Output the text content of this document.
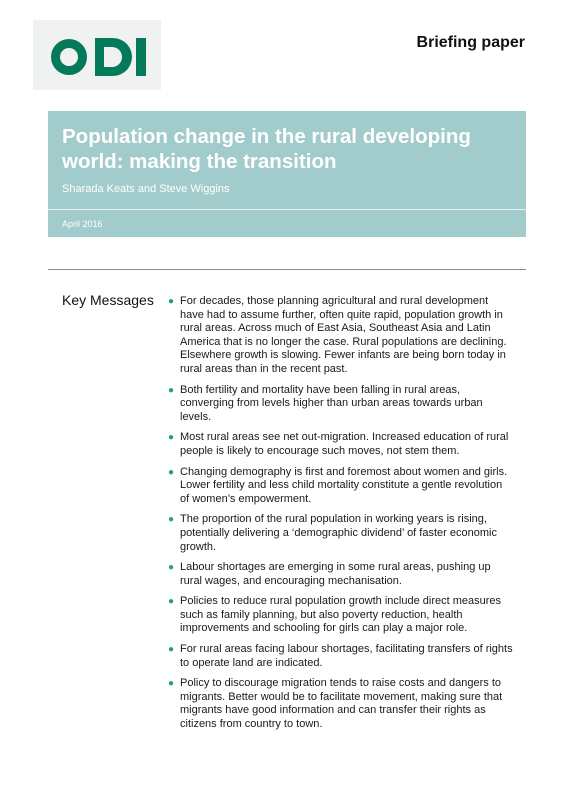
Briefing paper
Population change in the rural developing world: making the transition
Sharada Keats and Steve Wiggins
April 2016
Key Messages ● For decades, those planning agricultural and rural development have had to assume further, often quite rapid, population growth in rural areas. Across much of East Asia, Southeast Asia and Latin America that is no longer the case. Rural populations are declining. Elsewhere growth is slowing. Fewer infants are being born today in rural areas than in the recent past.
● Both fertility and mortality have been falling in rural areas, converging from levels higher than urban areas towards urban levels.
● Most rural areas see net out-migration. Increased education of rural people is likely to encourage such moves, not stem them.
● Changing demography is first and foremost about women and girls. Lower fertility and less child mortality constitute a gentle revolution of women’s empowerment.
● The proportion of the rural population in working years is rising, potentially delivering a ‘demographic dividend’ of faster economic growth.
● Labour shortages are emerging in some rural areas, pushing up rural wages, and encouraging mechanisation.
● Policies to reduce rural population growth include direct measures such as family planning, but also poverty reduction, health improvements and schooling for girls can play a major role.
● For rural areas facing labour shortages, facilitating transfers of rights to operate land are indicated.
● Policy to discourage migration tends to raise costs and dangers to migrants. Better would be to facilitate movement, making sure that migrants have good information and can transfer their rights as citizens from country to town.
